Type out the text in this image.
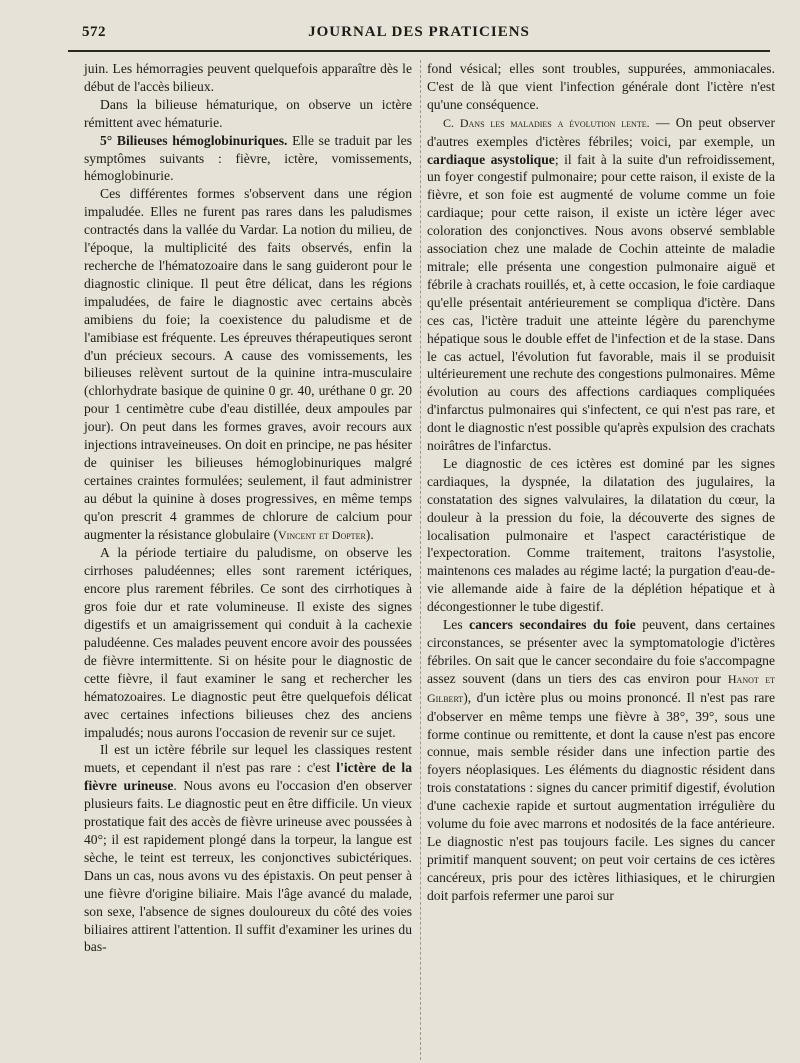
572	JOURNAL DES PRATICIENS

juin. Les hémorragies peuvent quelquefois apparaître dès le début de l'accès bilieux.

Dans la bilieuse hématurique, on observe un ictère rémittent avec hématurie.

5° Bilieuses hémoglobinuriques. Elle se traduit par les symptômes suivants : fièvre, ictère, vomissements, hémoglobinurie.

Ces différentes formes s'observent dans une région impaludée. Elles ne furent pas rares dans les paludismes contractés dans la vallée du Vardar. La notion du milieu, de l'époque, la multiplicité des faits observés, enfin la recherche de l'hématozoaire dans le sang guideront pour le diagnostic clinique. Il peut être délicat, dans les régions impaludées, de faire le diagnostic avec certains abcès amibiens du foie; la coexistence du paludisme et de l'amibiase est fréquente. Les épreuves thérapeutiques seront d'un précieux secours. A cause des vomissements, les bilieuses relèvent surtout de la quinine intra-musculaire (chlorhydrate basique de quinine 0 gr. 40, uréthane 0 gr. 20 pour 1 centimètre cube d'eau distillée, deux ampoules par jour). On peut dans les formes graves, avoir recours aux injections intraveineuses. On doit en principe, ne pas hésiter de quiniser les bilieuses hémoglobinuriques malgré certaines craintes formulées; seulement, il faut administrer au début la quinine à doses progressives, en même temps qu'on prescrit 4 grammes de chlorure de calcium pour augmenter la résistance globulaire (Vincent et Dopter).

A la période tertiaire du paludisme, on observe les cirrhoses paludéennes; elles sont rarement ictériques, encore plus rarement fébriles. Ce sont des cirrhotiques à gros foie dur et rate volumineuse. Il existe des signes digestifs et un amaigrissement qui conduit à la cachexie paludéenne. Ces malades peuvent encore avoir des poussées de fièvre intermittente. Si on hésite pour le diagnostic de cette fièvre, il faut examiner le sang et rechercher les hématozoaires. Le diagnostic peut être quelquefois délicat avec certaines infections bilieuses chez des anciens impaludés; nous aurons l'occasion de revenir sur ce sujet.

Il est un ictère fébrile sur lequel les classiques restent muets, et cependant il n'est pas rare : c'est l'ictère de la fièvre urineuse. Nous avons eu l'occasion d'en observer plusieurs faits. Le diagnostic peut en être difficile. Un vieux prostatique fait des accès de fièvre urineuse avec poussées à 40°; il est rapidement plongé dans la torpeur, la langue est sèche, le teint est terreux, les conjonctives subictériques. Dans un cas, nous avons vu des épistaxis. On peut penser à une fièvre d'origine biliaire. Mais l'âge avancé du malade, son sexe, l'absence de signes douloureux du côté des voies biliaires attirent l'attention. Il suffit d'examiner les urines du bas-

fond vésical; elles sont troubles, suppurées, ammoniacales. C'est de là que vient l'infection générale dont l'ictère n'est qu'une conséquence.

C. Dans les maladies a évolution lente. — On peut observer d'autres exemples d'ictères fébriles; voici, par exemple, un cardiaque asystolique; il fait à la suite d'un refroidissement, un foyer congestif pulmonaire; pour cette raison, il existe de la fièvre, et son foie est augmenté de volume comme un foie cardiaque; pour cette raison, il existe un ictère léger avec coloration des conjonctives. Nous avons observé semblable association chez une malade de Cochin atteinte de maladie mitrale; elle présenta une congestion pulmonaire aiguë et fébrile à crachats rouillés, et, à cette occasion, le foie cardiaque qu'elle présentait antérieurement se compliqua d'ictère. Dans ces cas, l'ictère traduit une atteinte légère du parenchyme hépatique sous le double effet de l'infection et de la stase. Dans le cas actuel, l'évolution fut favorable, mais il se produisit ultérieurement une rechute des congestions pulmonaires. Même évolution au cours des affections cardiaques compliquées d'infarctus pulmonaires qui s'infectent, ce qui n'est pas rare, et dont le diagnostic n'est possible qu'après expulsion des crachats noirâtres de l'infarctus.

Le diagnostic de ces ictères est dominé par les signes cardiaques, la dyspnée, la dilatation des jugulaires, la constatation des signes valvulaires, la dilatation du cœur, la douleur à la pression du foie, la découverte des signes de localisation pulmonaire et l'aspect caractéristique de l'expectoration. Comme traitement, traitons l'asystolie, maintenons ces malades au régime lacté; la purgation d'eau-de-vie allemande aide à faire de la déplétion hépatique et à décongestionner le tube digestif.

Les cancers secondaires du foie peuvent, dans certaines circonstances, se présenter avec la symptomatologie d'ictères fébriles. On sait que le cancer secondaire du foie s'accompagne assez souvent (dans un tiers des cas environ pour Hanot et Gilbert), d'un ictère plus ou moins prononcé. Il n'est pas rare d'observer en même temps une fièvre à 38°, 39°, sous une forme continue ou remittente, et dont la cause n'est pas encore connue, mais semble résider dans une infection partie des foyers néoplasiques. Les éléments du diagnostic résident dans trois constatations : signes du cancer primitif digestif, évolution d'une cachexie rapide et surtout augmentation irrégulière du volume du foie avec marrons et nodosités de la face antérieure. Le diagnostic n'est pas toujours facile. Les signes du cancer primitif manquent souvent; on peut voir certains de ces ictères cancéreux, pris pour des ictères lithiasiques, et le chirurgien doit parfois refermer une paroi sur
